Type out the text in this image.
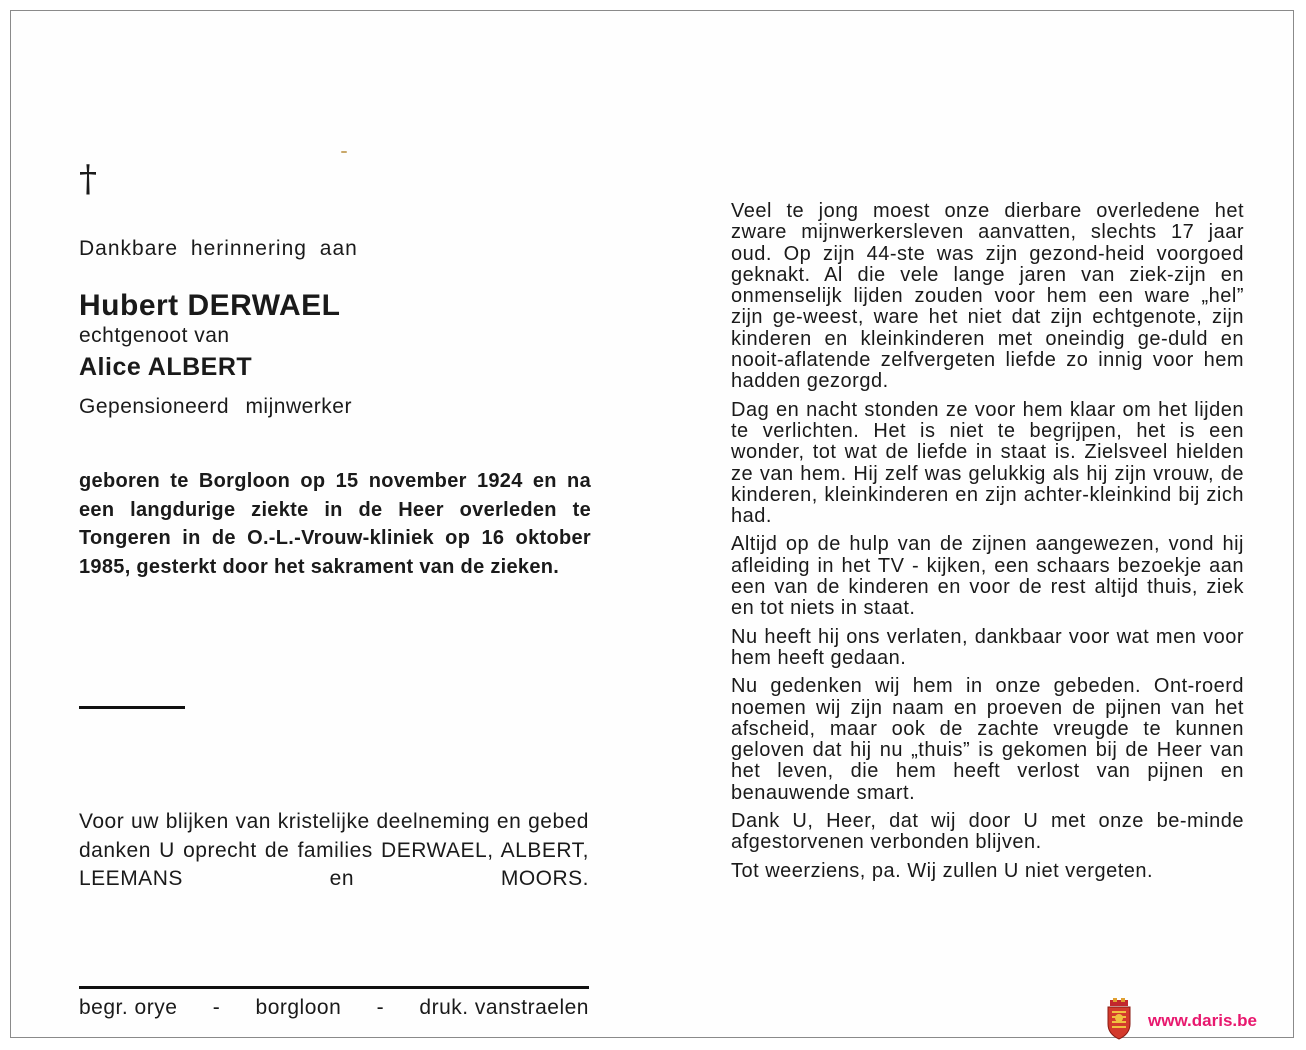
†
Dankbare herinnering aan
Hubert DERWAEL
echtgenoot van
Alice ALBERT
Gepensioneerd mijnwerker
geboren te Borgloon op 15 november 1924 en na een langdurige ziekte in de Heer overleden te Tongeren in de O.-L.-Vrouw-kliniek op 16 oktober 1985, gesterkt door het sakrament van de zieken.
Voor uw blijken van kristelijke deelneming en gebed danken U oprecht de families DERWAEL, ALBERT, LEEMANS en MOORS.
begr. orye - borgloon - druk. vanstraelen

Veel te jong moest onze dierbare overledene het zware mijnwerkersleven aanvatten, slechts 17 jaar oud. Op zijn 44-ste was zijn gezond-heid voorgoed geknakt. Al die vele lange jaren van ziek-zijn en onmenselijk lijden zouden voor hem een ware „hel” zijn ge-weest, ware het niet dat zijn echtgenote, zijn kinderen en kleinkinderen met oneindig ge-duld en nooit-aflatende zelfvergeten liefde zo innig voor hem hadden gezorgd.

Dag en nacht stonden ze voor hem klaar om het lijden te verlichten. Het is niet te begrijpen, het is een wonder, tot wat de liefde in staat is. Zielsveel hielden ze van hem. Hij zelf was gelukkig als hij zijn vrouw, de kinderen, kleinkinderen en zijn achter-kleinkind bij zich had.

Altijd op de hulp van de zijnen aangewezen, vond hij afleiding in het TV - kijken, een schaars bezoekje aan een van de kinderen en voor de rest altijd thuis, ziek en tot niets in staat.

Nu heeft hij ons verlaten, dankbaar voor wat men voor hem heeft gedaan.

Nu gedenken wij hem in onze gebeden. Ont-roerd noemen wij zijn naam en proeven de pijnen van het afscheid, maar ook de zachte vreugde te kunnen geloven dat hij nu „thuis” is gekomen bij de Heer van het leven, die hem heeft verlost van pijnen en benauwende smart.

Dank U, Heer, dat wij door U met onze be-minde afgestorvenen verbonden blijven.

Tot weerziens, pa. Wij zullen U niet vergeten.

www.daris.be
